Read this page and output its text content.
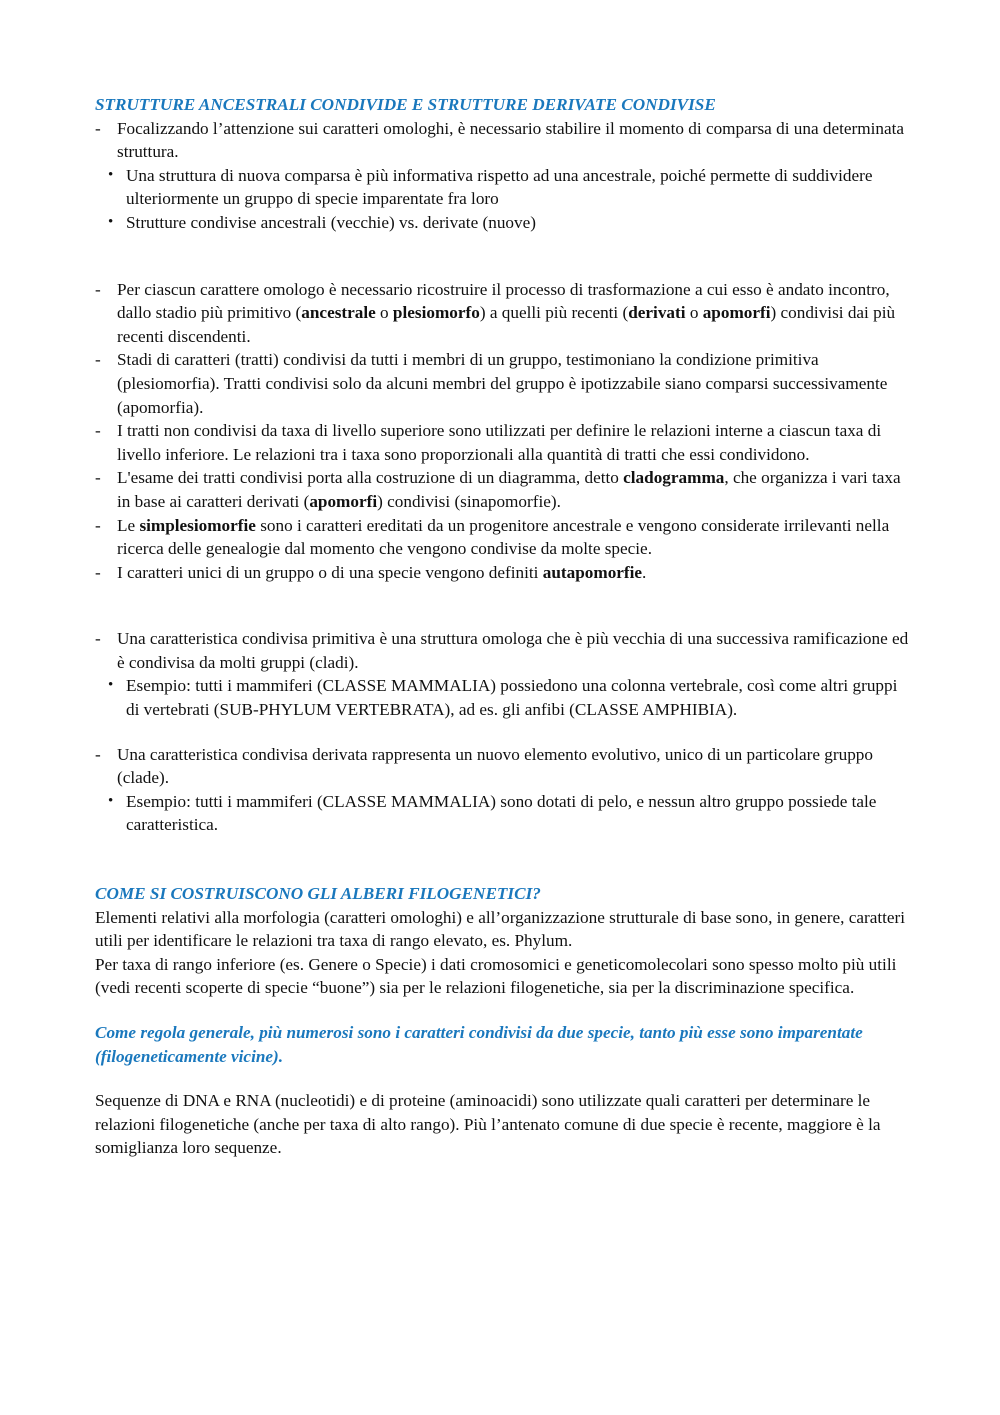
STRUTTURE ANCESTRALI CONDIVIDE E STRUTTURE DERIVATE CONDIVISE

- Focalizzando l’attenzione sui caratteri omologhi, è necessario stabilire il momento di comparsa di una determinata struttura.

• Una struttura di nuova comparsa è più informativa rispetto ad una ancestrale, poiché permette di suddividere ulteriormente un gruppo di specie imparentate fra loro

• Strutture condivise ancestrali (vecchie) vs. derivate (nuove)

- Per ciascun carattere omologo è necessario ricostruire il processo di trasformazione a cui esso è andato incontro, dallo stadio più primitivo (ancestrale o plesiomorfo) a quelli più recenti (derivati o apomorfi) condivisi dai più recenti discendenti.

- Stadi di caratteri (tratti) condivisi da tutti i membri di un gruppo, testimoniano la condizione primitiva (plesiomorfia). Tratti condivisi solo da alcuni membri del gruppo è ipotizzabile siano comparsi successivamente (apomorfia).

- I tratti non condivisi da taxa di livello superiore sono utilizzati per definire le relazioni interne a ciascun taxa di livello inferiore. Le relazioni tra i taxa sono proporzionali alla quantità di tratti che essi condividono.

- L'esame dei tratti condivisi porta alla costruzione di un diagramma, detto cladogramma, che organizza i vari taxa in base ai caratteri derivati (apomorfi) condivisi (sinapomorfie).

- Le simplesiomorfie sono i caratteri ereditati da un progenitore ancestrale e vengono considerate irrilevanti nella ricerca delle genealogie dal momento che vengono condivise da molte specie.

- I caratteri unici di un gruppo o di una specie vengono definiti autapomorfie.

- Una caratteristica condivisa primitiva è una struttura omologa che è più vecchia di una successiva ramificazione ed è condivisa da molti gruppi (cladi).

• Esempio: tutti i mammiferi (CLASSE MAMMALIA) possiedono una colonna vertebrale, così come altri gruppi di vertebrati (SUB-PHYLUM VERTEBRATA), ad es. gli anfibi (CLASSE AMPHIBIA).

- Una caratteristica condivisa derivata rappresenta un nuovo elemento evolutivo, unico di un particolare gruppo (clade).

• Esempio: tutti i mammiferi (CLASSE MAMMALIA) sono dotati di pelo, e nessun altro gruppo possiede tale caratteristica.

COME SI COSTRUISCONO GLI ALBERI FILOGENETICI?

Elementi relativi alla morfologia (caratteri omologhi) e all’organizzazione strutturale di base sono, in genere, caratteri utili per identificare le relazioni tra taxa di rango elevato, es. Phylum.

Per taxa di rango inferiore (es. Genere o Specie) i dati cromosomici e geneticomolecolari sono spesso molto più utili (vedi recenti scoperte di specie “buone”) sia per le relazioni filogenetiche, sia per la discriminazione specifica.

Come regola generale, più numerosi sono i caratteri condivisi da due specie, tanto più esse sono imparentate (filogeneticamente vicine).

Sequenze di DNA e RNA (nucleotidi) e di proteine (aminoacidi) sono utilizzate quali caratteri per determinare le relazioni filogenetiche (anche per taxa di alto rango). Più l’antenato comune di due specie è recente, maggiore è la somiglianza loro sequenze.
